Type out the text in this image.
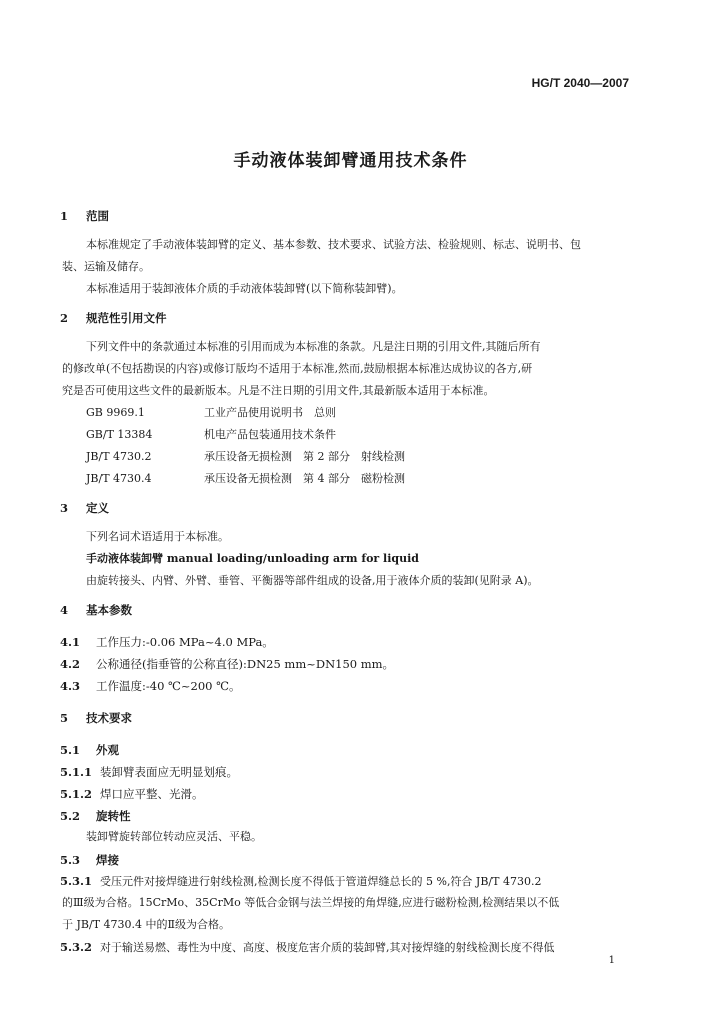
HG/T 2040—2007
手动液体装卸臂通用技术条件
1 范围
本标准规定了手动液体装卸臂的定义、基本参数、技术要求、试验方法、检验规则、标志、说明书、包
装、运输及储存。
本标准适用于装卸液体介质的手动液体装卸臂(以下简称装卸臂)。
2 规范性引用文件
下列文件中的条款通过本标准的引用而成为本标准的条款。凡是注日期的引用文件,其随后所有
的修改单(不包括勘误的内容)或修订版均不适用于本标准,然而,鼓励根据本标准达成协议的各方,研
究是否可使用这些文件的最新版本。凡是不注日期的引用文件,其最新版本适用于本标准。
GB 9969.1	工业产品使用说明书　总则
GB/T 13384	机电产品包装通用技术条件
JB/T 4730.2	承压设备无损检测　第 2 部分　射线检测
JB/T 4730.4	承压设备无损检测　第 4 部分　磁粉检测
3 定义
下列名词术语适用于本标准。
手动液体装卸臂 manual loading/unloading arm for liquid
由旋转接头、内臂、外臂、垂管、平衡器等部件组成的设备,用于液体介质的装卸(见附录 A)。
4 基本参数
4.1 工作压力:-0.06 MPa~4.0 MPa。
4.2 公称通径(指垂管的公称直径):DN25 mm~DN150 mm。
4.3 工作温度:-40 ℃~200 ℃。
5 技术要求
5.1 外观
5.1.1 装卸臂表面应无明显划痕。
5.1.2 焊口应平整、光滑。
5.2 旋转性
装卸臂旋转部位转动应灵活、平稳。
5.3 焊接
5.3.1 受压元件对接焊缝进行射线检测,检测长度不得低于管道焊缝总长的 5 %,符合 JB/T 4730.2
的Ⅲ级为合格。15CrMo、35CrMo 等低合金钢与法兰焊接的角焊缝,应进行磁粉检测,检测结果以不低
于 JB/T 4730.4 中的Ⅱ级为合格。
5.3.2 对于输送易燃、毒性为中度、高度、极度危害介质的装卸臂,其对接焊缝的射线检测长度不得低
1
